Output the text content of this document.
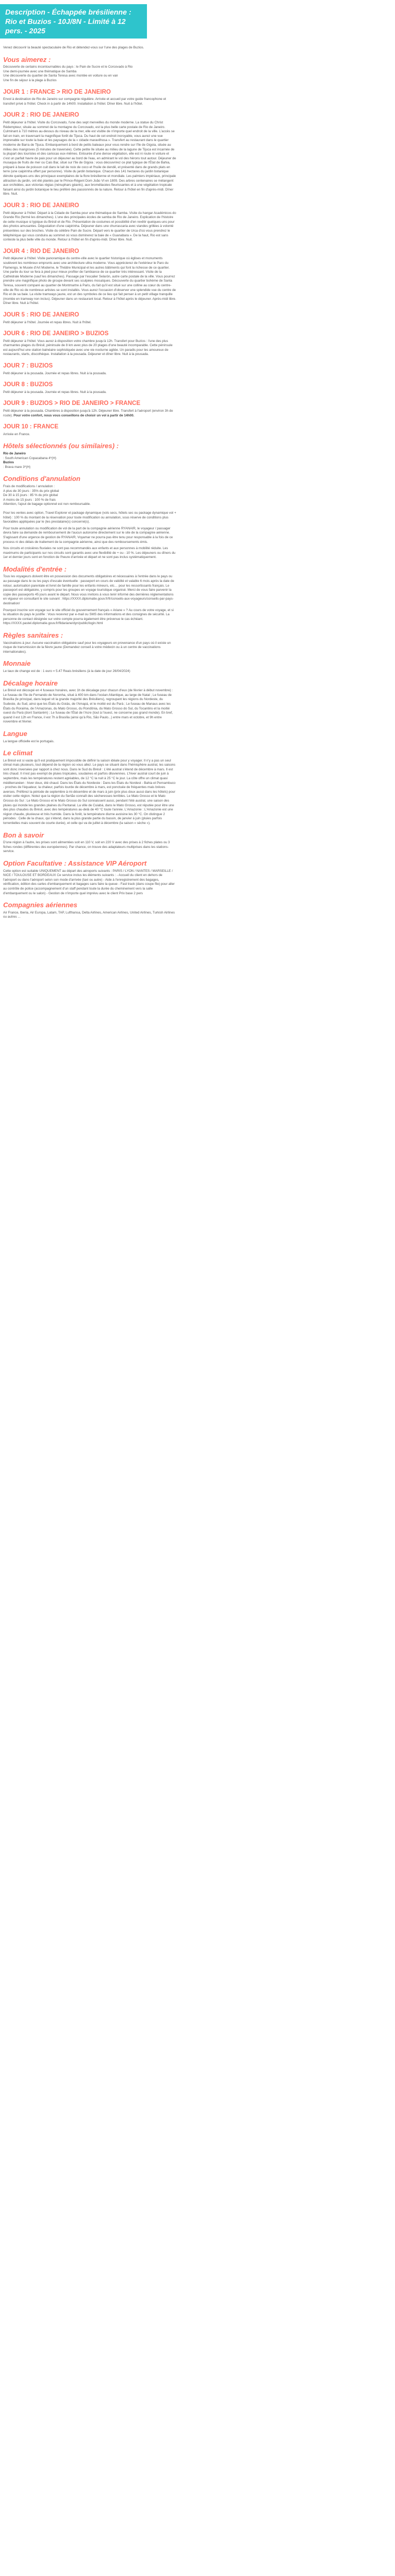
Description - Échappée brésilienne : Rio et Buzios - 10J/8N - Limité à 12 pers. - 2025

Venez découvrir la beauté spectaculaire de Rio et détendez-vous sur l'une des plages de Buzios.

Vous aimerez :
Découverte de certains incontournables du pays : le Pain de Sucre et le Corcovado à Rio
Une demi-journée avec une thématique de Samba
Une découverte du quartier de Santa Teresa avec montée en voiture ou en van
Une fin de séjour à la plage à Buzios
JOUR 1 : FRANCE > RIO DE JANEIRO

Envol à destination de Rio de Janeiro sur compagnie régulière. Arrivée et accueil par votre guide francophone et transfert privé à l'hôtel. Check in à partir de 14h00. Installation à l'hôtel. Dîner libre. Nuit à l'hôtel.

JOUR 2 : RIO DE JANEIRO

Petit déjeuner à l'hôtel. Visite du Corcovado, l'une des sept merveilles du monde moderne. La statue du Christ Rédempteur, située au sommet de la montagne du Corcovado, est la plus belle carte postale de Rio de Janeiro. Culminant à 710 mètres au-dessus du niveau de la mer, elle est visible de n'importe quel endroit de la ville. L'accès se fait en train, en traversant la magnifique forêt de Tijuca. Du haut de cet endroit incroyable, vous aurez une vue imprenable sur toute la baie et les paysages de la « cidade maravilhosa ». Transfert au restaurant dans le quartier moderne de Barra de Tijuca. Embarquement à bord de petits bateaux pour vous rendre sur l'île de Gigoia, située au milieu des mangroves (5 minutes de traversée). Cette petite île située au milieu de la lagune de Tijuca est incarnée de la plupart des touristes et des cariocas eux-mêmes. Entourée d'une dense végétation, elle est ni route ni voiture et c'est un parfait havre de paix pour un déjeuner au bord de l'eau, en admirant le vol des hérons tout autour. Déjeuner de musaqua de fruits de mer ou Cais Bar, situé sur l'île de Gigoia : vous découvrirez ce plat typique de l'État de Bahia, préparé à base de poisson cuit dans le lait de noix de coco et l'huile de dendê, et présenté dans de grands plats en terre (une caipirinha offert par personne). Visite du jardin botanique. Chacun des 141 hectares du jardin botanique dénote quelques-uns des principaux exemplaires de la flore brésilienne et mondiale. Les palmiers impériaux, principale attraction du jardin, ont été plantés par le Prince-Régent Dom João VI en 1809. Des arbres centenaires se mélangent aux orchidées, aux victorias régias (nénuphars géants), aux broméliacées fleurissantes et à une végétation tropicale faisant ainsi du jardin botanique le lieu préféré des passionnés de la nature. Retour à l'hôtel en fin d'après-midi. Dîner libre. Nuit.

JOUR 3 : RIO DE JANEIRO

Petit déjeuner à l'hôtel. Départ à la Cidade de Samba pour une thématique de Samba. Visite du hangar Académicos do Grande Rio (fermé les dimanches). L'une des principales écoles de samba de Rio de Janeiro. Explication de l'histoire de cette musique si typique du Brésil et de Rio. Présentation de costumes et possibilité d'en revêtir quelques-uns pour des photos amusantes. Dégustation d'une caipirinha. Déjeuner dans une churrascaria avec viandes grillées à volonté présentées sur des broches. Visite du célèbre Pain de Sucre. Départ vers le quartier de Urca d'où vous prendrez le téléphérique qui vous conduira au sommet où vous dominerez la baie de « Guanabara ». De la haut, Rio est sans conteste la plus belle ville du monde. Retour à l'hôtel en fin d'après-midi. Dîner libre. Nuit.

JOUR 4 : RIO DE JANEIRO

Petit déjeuner à l'hôtel. Visite panoramique du centre-ville avec le quartier historique où églises et monuments soulèvent les nombreux emprunts avec une architecture ultra moderne. Vous apprécierez de l'extérieur le Paro du Flamengo, le Musée d'Art Moderne, le Théâtre Municipal et les autres bâtiments qui font la richesse de ce quartier. Une partie du tour se fera à pied pour mieux profiter de l'ambiance de ce quartier très intéressant. Visite de la Cathédrale Moderne (sauf les dimanches). Passage par l'escalier Selarón, autre carte postale de la ville. Vous pourrez prendre une magnifique photo de groupe devant ses sculpées mosaïques. Découverte du quartier bohème de Santa Teresa, souvent comparé au quartier de Montmartre à Paris, du fait qu'il est situé sur une colline au cœur du centre-ville de Rio où de nombreux artistes se sont installés. Vous aurez l'occasion d'observer une splendide vue du centre de Rio et de sa baie. La visite tramways jaune, est un des symboles de ce lieu qui fait penser à un petit village tranquille (montée en tramway non inclus). Déjeuner dans un restaurant local. Retour à l'hôtel après le déjeuner. Après-midi libre. Dîner libre. Nuit à l'hôtel.

JOUR 5 : RIO DE JANEIRO

Petit déjeuner à l'hôtel. Journée et repas libres. Nuit à l'hôtel.

JOUR 6 : RIO DE JANEIRO > BUZIOS

Petit déjeuner à l'hôtel. Vous aurez à disposition votre chambre jusqu'à 12h. Transfert pour Buzios : l'une des plus charmantes plages du Brésil, péninsule de 8 km avec plus de 20 plages d'une beauté incomparable. Cette péninsule est aujourd'hui une station balnéaire sophistiquée avec une vie nocturne agitée. Un paradis pour les amoureux de restaurants, starts, discothèque. Installation à la pousada. Déjeuner et dîner libre. Nuit à la pousada.

JOUR 7 : BUZIOS

Petit déjeuner à la pousada. Journée et repas libres. Nuit à la pousada.

JOUR 8 : BUZIOS

Petit déjeuner à la pousada. Journée et repas libres. Nuit à la pousada.

JOUR 9 : BUZIOS > RIO DE JANEIRO > FRANCE

Petit déjeuner à la pousada. Chambres à disposition jusqu'à 12h. Déjeuner libre. Transfert à l'aéroport (environ 3h de route). Pour votre confort, nous vous conseillons de choisir un vol à partir de 14h00.

JOUR 10 : FRANCE

Arrivée en France.

Hôtels sélectionnés (ou similaires) :
Rio de Janeiro
: South American Copacabana 4*(H)
Buzios
: Brava mare 3*(H)
Conditions d'annulation
Frais de modifications / annulation :
A plus de 30 jours : 35% du prix global
De 30 à 15 jours : 85 % du prix global
A moins de 15 jours : 100 % de frais
Attention, l'ajout de bagage optionnel est non remboursable.

Pour les ventes avec option, Travel Explorer et package dynamique (vols secs, hôtels sec ou package dynamique vol + hôtel) : 100 % du montant de la réservation pour toute modification ou annulation, sous réserve de conditions plus favorables appliquées par le (les prestataire(s) concerné(s).

Pour toute annulation ou modification de vol de la part de la compagnie aérienne RYANAIR, le voyageur / passager devra faire sa demande de remboursement de l'aucun autonome directement sur le site de la compagnie aérienne. S'agissant d'une urgence de gestion de RYANAIR, Voyamar ne pourra pas être tenu pour responsable à la fois de ce process ni des délais de traitement de la compagnie aérienne, ainsi que des remboursements émis.

Nos circuits et croisières fluviales ne sont pas recommandés aux enfants et aux personnes à mobilité réduite. Les maximums de participants sur nos circuits sont garantis avec une flexibilité de + ou - 10 %. Les déjeuners ou dîners du 1er et dernier jours sont en fonction de l'heure d'arrivée et départ et ne sont pas inclus systématiquement.

Modalités d'entrée :

Tous les voyageurs doivent être en possession des documents obligatoires et nécessaires à l'entrée dans le pays ou au passage dans le ou les pays d'escale éventuelle : passeport en cours de validité et valable 6 mois après la date de retour, autorisation parentale et livret de famille pour les enfants mineurs, etc… pour les ressortissants français. Le passeport est obligatoire, y compris pour les groupes en voyage touristique organisé. Merci de vous faire parvenir la copie des passeports 45 jours avant le départ. Nous vous invitons à vous tenir informé des dernières réglementations en vigueur en consultant le site suivant : https://XXXX.diplomatie.gouv.fr/fr/conseils-aux-voyageurs/conseils-par-pays-destination/

Pourquoi inscrire son voyage sur le site officiel du gouvernement français « Ariane » ? Au cours de votre voyage, et si la situation du pays le justifie : Vous recevrez par e-mail ou SMS des informations et des consignes de sécurité. La personne de contact désignée sur votre compte pourra également être prévenue le cas échéant. https://XXXX.pastel.diplomatie.gouv.fr/fildariane/dyn/public/login.html

Règles sanitaires :

Vaccinations à jour. Aucune vaccination obligatoire sauf pour les voyageurs en provenance d'un pays où il existe un risque de transmission de la fièvre jaune (Demandez conseil à votre médecin ou à un centre de vaccinations internationales).

Monnaie

Le taux de change est de : 1 euro = 5.47 Reais brésiliens (à la date de jour 26/04/2024)

Décalage horaire

Le Brésil est découpé en 4 fuseaux horaires, avec 1h de décalage pour chacun d'eux (de février à début novembre) : Le fuseau de l'île de Fernando de Noronha, situé à 400 km dans l'océan Atlantique, au large de Natal ; Le fuseau de Brasília (le principal, dans lequel vit la grande majorité des Brésiliens), regroupant les régions du Nordeste, du Sudeste, du Sud, ainsi que les États du Goiás, de l'Amapá, et le moitié est du Pará ; Le fuseau de Manaus avec les États du Roraima, de l'Amazonas, du Mato Grosso, du Rondônia, du Mato Grosso do Sul, du Tocantins et la moitié ouest du Pará (dont Santarém) ; Le fuseau de l'État de l'Acre (tout à l'ouest, ne concerne pas grand monde). En bref, quand il est 12h en France, il est 7h à Brasília (ainsi qu'à Rio, São Paulo...) entre mars et octobre, et 9h entre novembre et février.

Langue

La langue officielle est le portugais.

Le climat

Le Brésil est si vaste qu'il est pratiquement impossible de définir la saison idéale pour y voyager. Il n'y a pas un seul climat mais plusieurs, tout dépend de la région où vous allez. Le pays se situant dans l'hémisphère austral, les saisons sont donc inversées par rapport à chez nous. Dans le Sud du Brésil : L'été austral s'étend de décembre à mars. Il est très chaud. Il n'est pas exempt de pluies tropicales, soudaines et parfois diluviennes. L'hiver austral court de juin à septembre, mais les températures restent agréables, de 12 °C la nuit à 25 °C le jour. La côte offre un climat quasi méditerranéen : hiver doux, été chaud. Dans les États du Nordeste : Dans les États du Nordest - Bahia et Pernambuco - proches de l'équateur, la chaleur, parfois lourde de décembre à mars, est ponctuée de fréquentes mais brèves averses. Préférez la période de septembre à mi-décembre et de mars à juin (prix plus doux aussi dans les hôtels) pour visiter cette région. Notez que la région du Sertão connaît des sécheresses terribles. Le Mato Grosso et le Mato Grosso do Sul : Le Mato Grosso et le Mato Grosso do Sul connaissent aussi, pendant l'été austral, une saison des pluies qui inonde les grandes plaines du Pantanal. La ville de Cuiabá, dans le Mato Grosso, est réputée pour être une des plus chaudes du Brésil, avec des températures au-delà de 40 °C toute l'année. L'Amazonie : L'Amazonie est une région chaude, pluvieuse et très humide. Dans la forêt, la température diurne avoisine les 30 °C. On distingue 2 périodes : Celle de la chaux, qui s'étend, dans la plus grande partie du bassin, de janvier à juin (pluies parfois torrentielles mais souvent de courte durée), et celle qui va de juillet à décembre (la saison « sèche »).

Bon à savoir

D'une région à l'autre, les prises sont alimentées soit en 110 V, soit en 220 V avec des prises à 2 fiches plates ou 3 fiches rondes (différentes des européennes). Par chance, on trouve des adaptateurs multiprises dans les stations-service.

Option Facultative : Assistance VIP Aéroport

Cette option est suitable UNIQUEMENT au départ des aéroports suivants : PARIS / LYON / NANTES / MARSEILLE / NICE / TOULOUSE ET BORDEAUX Ce service inclus les éléments suivants : - Accueil du client en dehors de l'aéroport ou dans l'aéroport selon son mode d'arrivée (taxi ou autre) - Aide à l'enregistrement des bagages, vérification, édition des cartes d'embarquement et bagages sans faire la queue - Fast track (dans coupe file) pour aller au contrôle de police (accompagnement d'un staff pendant toute la durée du cheminement vers la salle d'embarquement ou le salon) - Gestion de n'importe quel imprévu avec le client Prix base 2 pers

Compagnies aériennes

Air France, Iberia, Air Europa, Latam, TAP, Lufthansa, Delta Airlines, American Airlines, United Airlines, Turkish Airlines ou autres ...
